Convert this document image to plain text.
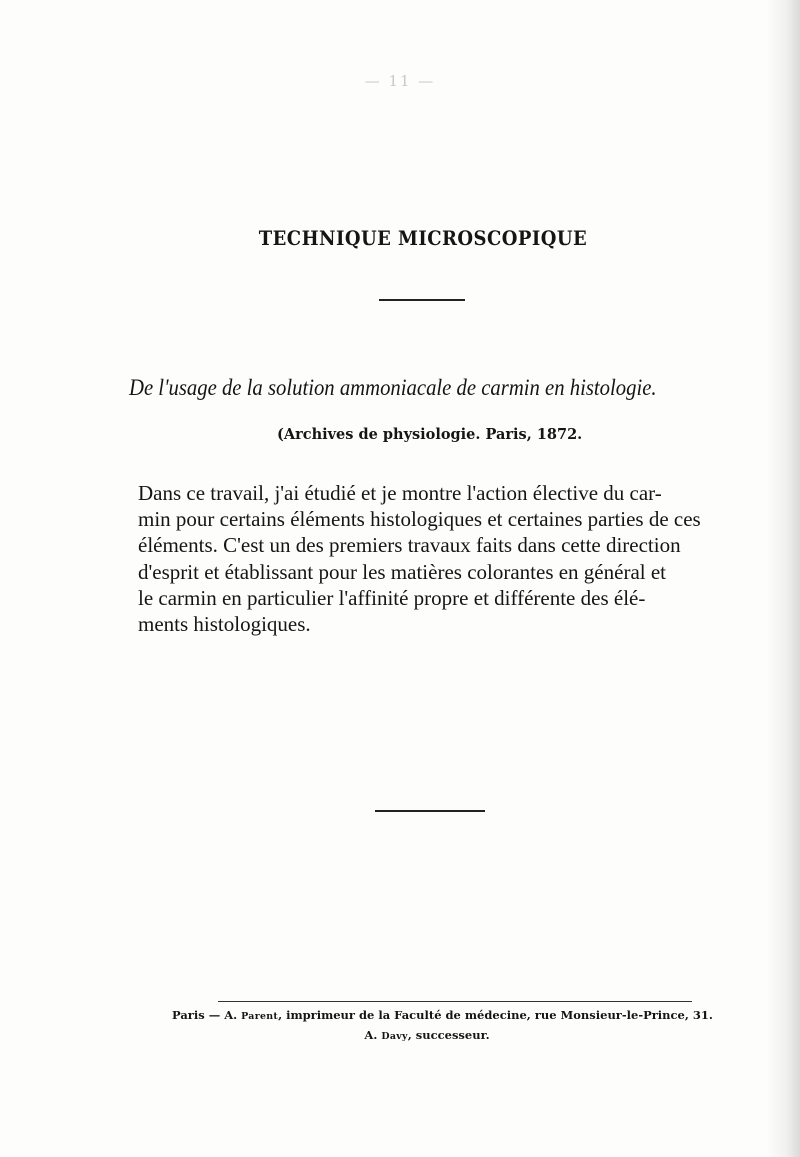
— 11 —
TECHNIQUE MICROSCOPIQUE
De l'usage de la solution ammoniacale de carmin en histologie.
(Archives de physiologie. Paris, 1872.
Dans ce travail, j'ai étudié et je montre l'action élective du car-
min pour certains éléments histologiques et certaines parties de ces
éléments. C'est un des premiers travaux faits dans cette direction
d'esprit et établissant pour les matières colorantes en général et
le carmin en particulier l'affinité propre et différente des élé-
ments histologiques.
Paris — A. Parent, imprimeur de la Faculté de médecine, rue Monsieur-le-Prince, 31.
A. Davy, successeur.
